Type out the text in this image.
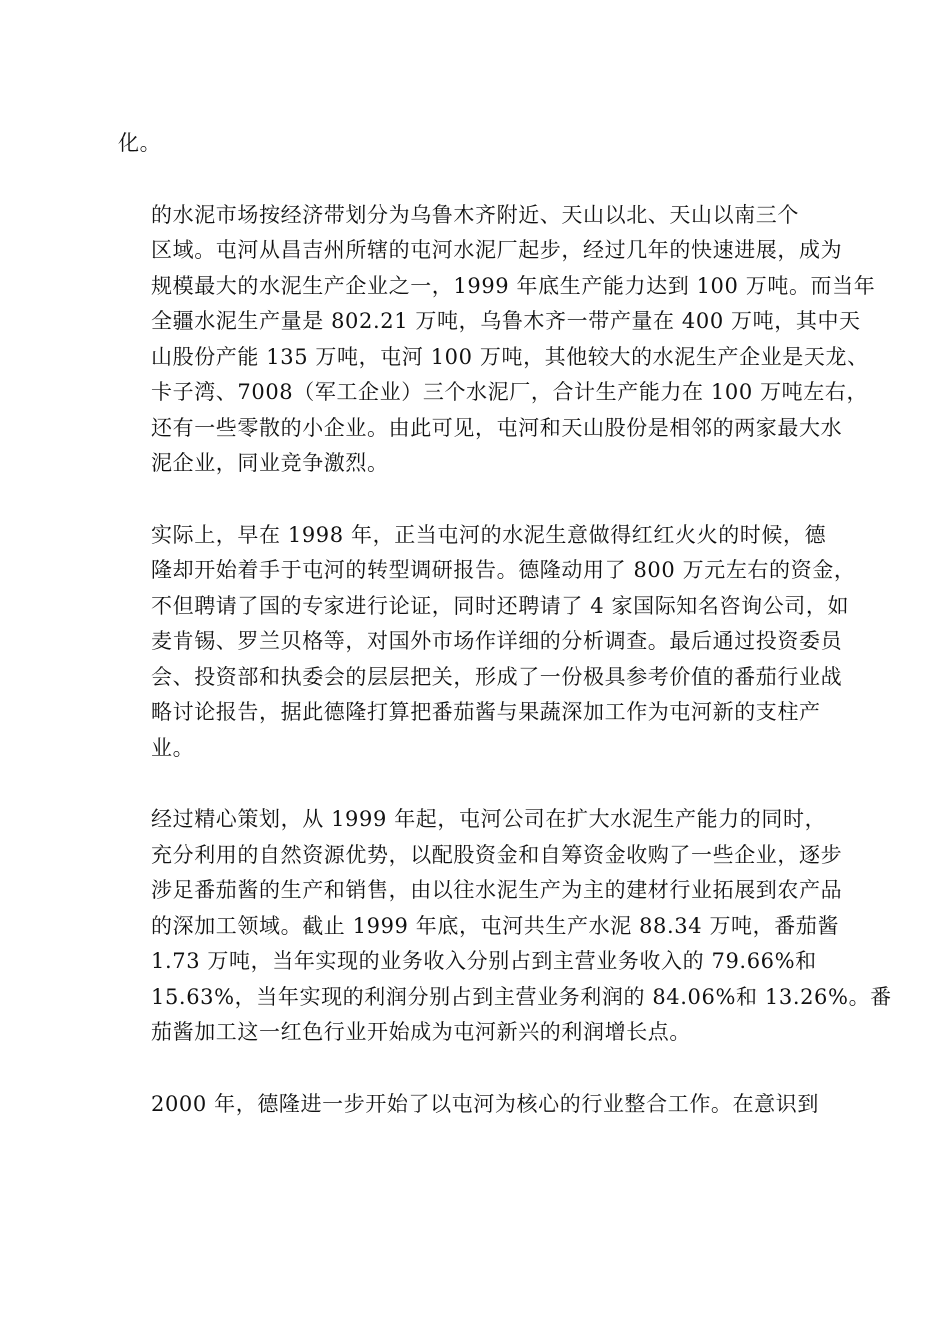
化。

的水泥市场按经济带划分为乌鲁木齐附近、天山以北、天山以南三个
区域。屯河从昌吉州所辖的屯河水泥厂起步，经过几年的快速进展，成为
规模最大的水泥生产企业之一，1999 年底生产能力达到 100 万吨。而当年
全疆水泥生产量是 802.21 万吨，乌鲁木齐一带产量在 400 万吨，其中天
山股份产能 135 万吨，屯河 100 万吨，其他较大的水泥生产企业是天龙、
卡子湾、7008（军工企业）三个水泥厂，合计生产能力在 100 万吨左右，
还有一些零散的小企业。由此可见，屯河和天山股份是相邻的两家最大水
泥企业，同业竞争激烈。

实际上，早在 1998 年，正当屯河的水泥生意做得红红火火的时候，德
隆却开始着手于屯河的转型调研报告。德隆动用了 800 万元左右的资金，
不但聘请了国的专家进行论证，同时还聘请了 4 家国际知名咨询公司，如
麦肯锡、罗兰贝格等，对国外市场作详细的分析调查。最后通过投资委员
会、投资部和执委会的层层把关，形成了一份极具参考价值的番茄行业战
略讨论报告，据此德隆打算把番茄酱与果蔬深加工作为屯河新的支柱产
业。

经过精心策划，从 1999 年起，屯河公司在扩大水泥生产能力的同时，
充分利用的自然资源优势，以配股资金和自筹资金收购了一些企业，逐步
涉足番茄酱的生产和销售，由以往水泥生产为主的建材行业拓展到农产品
的深加工领域。截止 1999 年底，屯河共生产水泥 88.34 万吨，番茄酱
1.73 万吨，当年实现的业务收入分别占到主营业务收入的 79.66%和
15.63%，当年实现的利润分别占到主营业务利润的 84.06%和 13.26%。番
茄酱加工这一红色行业开始成为屯河新兴的利润增长点。

2000 年，德隆进一步开始了以屯河为核心的行业整合工作。在意识到
